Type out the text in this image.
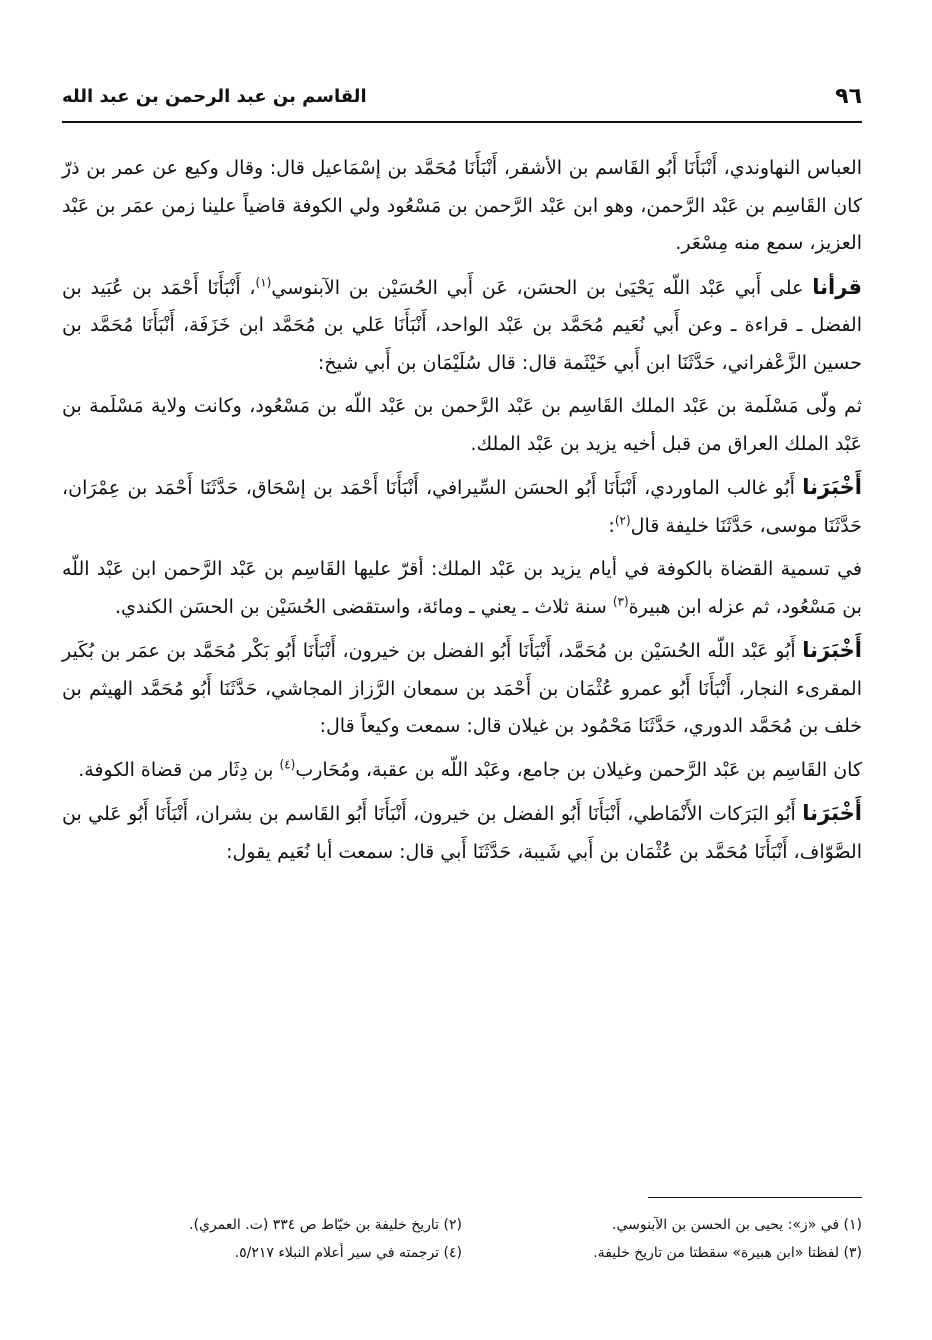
٩٦
القاسم بن عبد الرحمن بن عبد الله

العباس النهاوندي، أَنْبَأَنَا أَبُو القَاسم بن الأشقر، أَنْبَأَنَا مُحَمَّد بن إسْمَاعيل قال: وقال وكيع عن عمر بن ذرّ كان القَاسِم بن عَبْد الرَّحمن، وهو ابن عَبْد الرَّحمن بن مَسْعُود ولي الكوفة قاضياً علينا زمن عمَر بن عَبْد العزيز، سمع منه مِسْعَر.

قرأنا على أَبي عَبْد اللّه يَحْيَىٰ بن الحسَن، عَن أَبي الحُسَيْن بن الآبنوسي$^{(١)}$، أَنْبَأَنَا أَحْمَد بن عُبَيد بن الفضل ـ قراءة ـ وعن أَبي نُعَيم مُحَمَّد بن عَبْد الواحد، أَنْبَأَنَا عَلي بن مُحَمَّد ابن خَزَفَة، أَنْبَأَنَا مُحَمَّد بن حسين الزَّعْفراني، حَدَّثَنَا ابن أَبي خَيْثَمة قال: قال سُلَيْمَان بن أَبي شيخ:

ثم ولّى مَسْلَمة بن عَبْد الملك القَاسِم بن عَبْد الرَّحمن بن عَبْد اللّه بن مَسْعُود، وكانت ولاية مَسْلَمة بن عَبْد الملك العراق من قبل أخيه يزيد بن عَبْد الملك.

أَخْبَرَنا أَبُو غالب الماوردي، أَنْبَأَنَا أَبُو الحسَن السِّيرافي، أَنْبَأَنَا أَحْمَد بن إسْحَاق، حَدَّثَنَا أَحْمَد بن عِمْرَان، حَدَّثَنَا موسى، حَدَّثَنَا خليفة قال$^{(٢)}$:

في تسمية القضاة بالكوفة في أيام يزيد بن عَبْد الملك: أقرّ عليها القَاسِم بن عَبْد الرَّحمن ابن عَبْد اللّه بن مَسْعُود، ثم عزله ابن هبيرة$^{(٣)}$ سنة ثلاث ـ يعني ـ ومائة، واستقضى الحُسَيْن بن الحسَن الكندي.

أَخْبَرَنا أَبُو عَبْد اللّه الحُسَيْن بن مُحَمَّد، أَنْبَأَنَا أَبُو الفضل بن خيرون، أَنْبَأَنَا أَبُو بَكْر مُحَمَّد بن عمَر بن بُكَير المقرىء النجار، أَنْبَأَنَا أَبُو عمرو عُثْمَان بن أَحْمَد بن سمعان الرَّزاز المجاشي، حَدَّثَنَا أَبُو مُحَمَّد الهيثم بن خلف بن مُحَمَّد الدوري، حَدَّثَنَا مَحْمُود بن غيلان قال: سمعت وكيعاً قال:

كان القَاسِم بن عَبْد الرَّحمن وغيلان بن جامع، وعَبْد اللّه بن عقبة، ومُحَارب$^{(٤)}$ بن دِثَار من قضاة الكوفة.

أَخْبَرَنا أَبُو البَرَكات الأَنْمَاطي، أَنْبَأَنَا أَبُو الفضل بن خيرون، أَنْبَأَنَا أَبُو القَاسم بن بشران، أَنْبَأَنَا أَبُو عَلي بن الصَّوّاف، أَنْبَأَنَا مُحَمَّد بن عُثْمَان بن أَبي شَيبة، حَدَّثَنَا أَبي قال: سمعت أبا نُعَيم يقول:

(١) في «ز»: يحيى بن الحسن بن الآبنوسي.
(٢) تاريخ خليفة بن خيّاط ص ٣٣٤ (ت. العمري).
(٣) لفظتا «ابن هبيرة» سقطتا من تاريخ خليفة.
(٤) ترجمته في سير أعلام النبلاء ٥/٢١٧.
